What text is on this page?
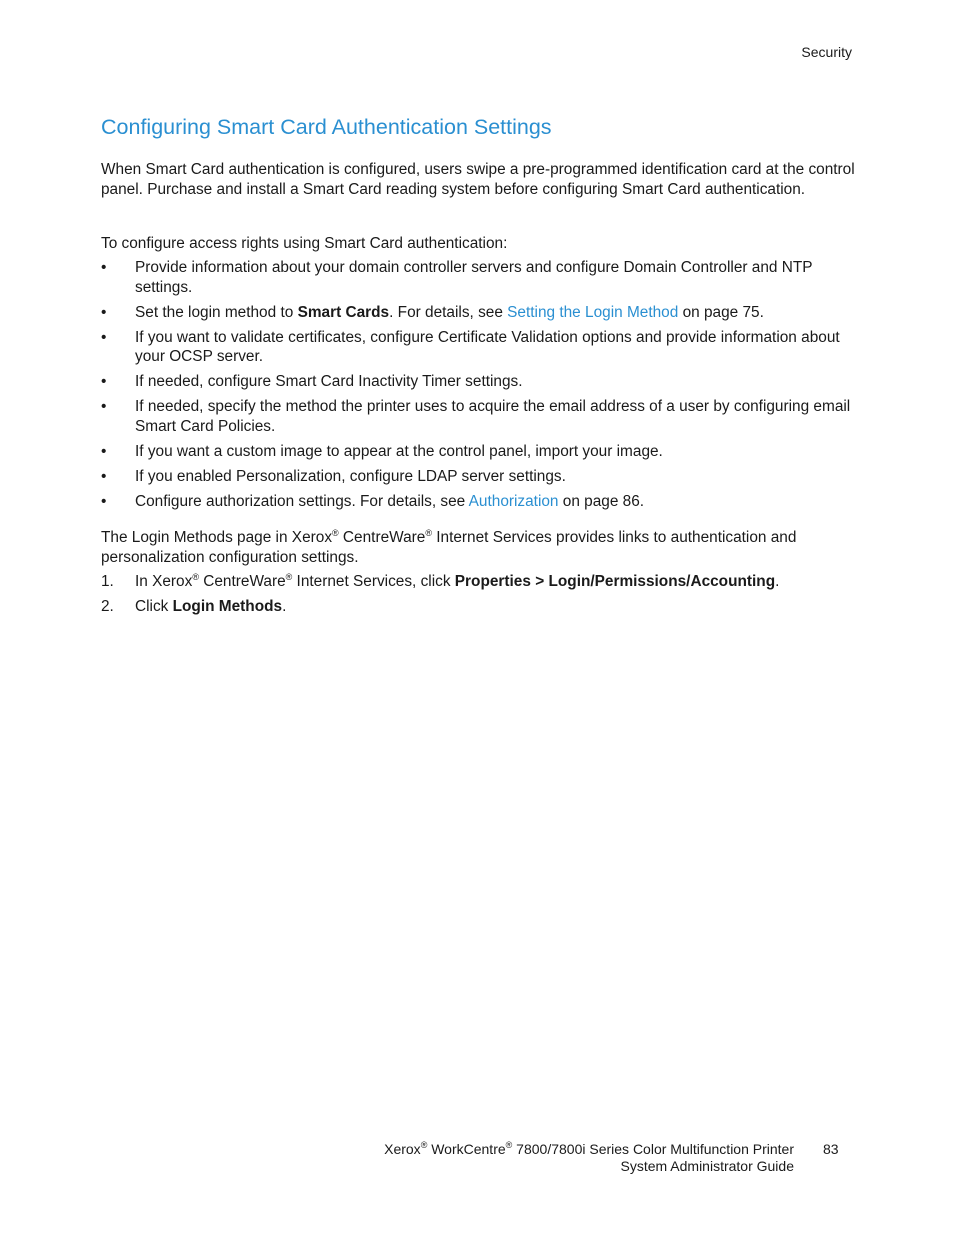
Security
Configuring Smart Card Authentication Settings

When Smart Card authentication is configured, users swipe a pre-programmed identification card at the control panel. Purchase and install a Smart Card reading system before configuring Smart Card authentication.

To configure access rights using Smart Card authentication:

• Provide information about your domain controller servers and configure Domain Controller and NTP settings.
• Set the login method to Smart Cards. For details, see Setting the Login Method on page 75.
• If you want to validate certificates, configure Certificate Validation options and provide information about your OCSP server.
• If needed, configure Smart Card Inactivity Timer settings.
• If needed, specify the method the printer uses to acquire the email address of a user by configuring email Smart Card Policies.
• If you want a custom image to appear at the control panel, import your image.
• If you enabled Personalization, configure LDAP server settings.
• Configure authorization settings. For details, see Authorization on page 86.

The Login Methods page in Xerox® CentreWare® Internet Services provides links to authentication and personalization configuration settings.

1. In Xerox® CentreWare® Internet Services, click Properties > Login/Permissions/Accounting.
2. Click Login Methods.
Xerox® WorkCentre® 7800/7800i Series Color Multifunction Printer
System Administrator Guide
83
